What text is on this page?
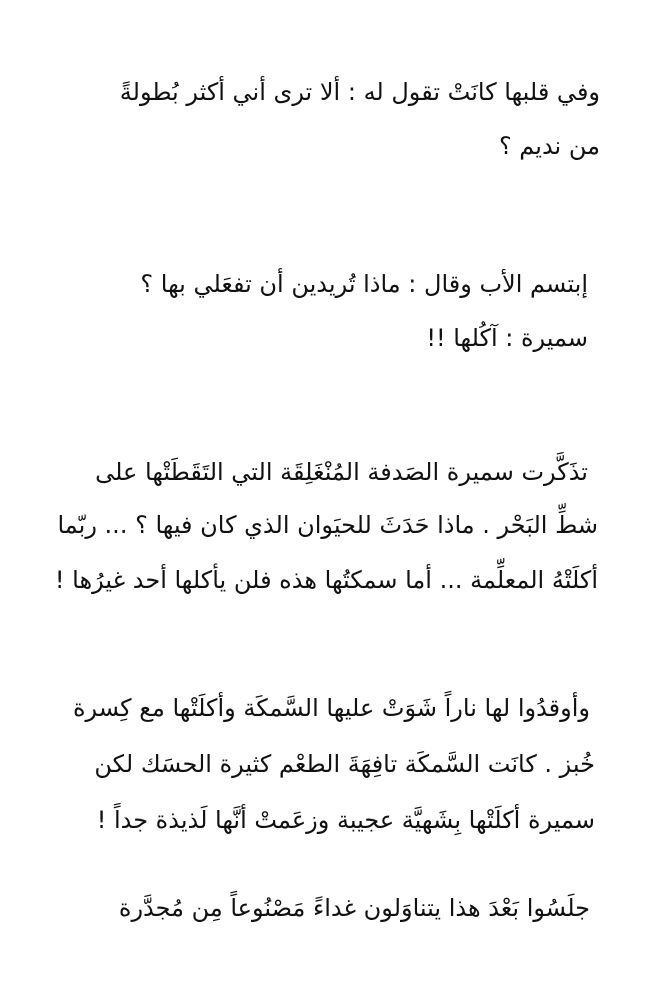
وفي قلبها كانَتْ تقول له : ألا ترى أني أكثر بُطولةً
من نديم ؟
إبتسم الأب وقال : ماذا تُريدين أن تفعَلي بها ؟
سميرة : آكُلها !!
تذَكَّرت سميرة الصَدفة المُنْغَلِقَة التي التَقَطَتْها على
شطِّ البَحْر . ماذا حَدَثَ للحيَوان الذي كان فيها ؟ ... ربّما
أكلَتْهُ المعلِّمة ... أما سمكتُها هذه فلن يأكلها أحد غيرُها !
وأوقدُوا لها ناراً شَوَتْ عليها السَّمكَة وأكلَتْها مع كِسرة
خُبز . كانَت السَّمكَة تافِهَةَ الطعْم كثيرة الحسَك لكن
سميرة أكلَتْها بِشَهيَّة عجيبة وزعَمتْ أنَّها لَذيذة جداً !
جلَسُوا بَعْدَ هذا يتناوَلون غداءً مَصْنُوعاً مِن مُجدَّرة
